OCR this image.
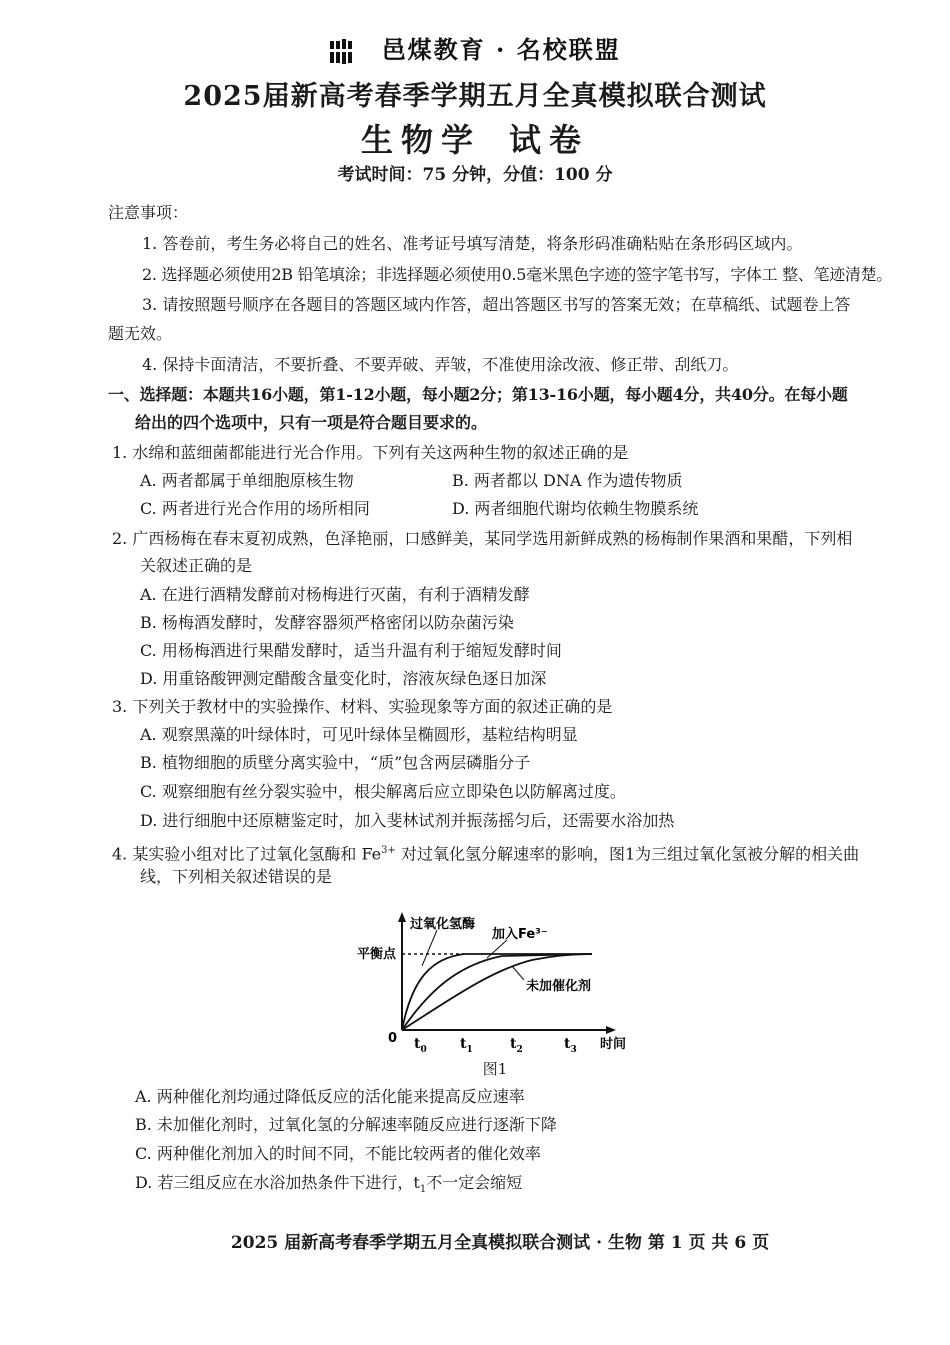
邑煤教育 · 名校联盟
2025届新高考春季学期五月全真模拟联合测试
生物学 试卷
考试时间：75 分钟，分值：100 分
注意事项：
1. 答卷前，考生务必将自己的姓名、准考证号填写清楚，将条形码准确粘贴在条形码区域内。
2. 选择题必须使用2B 铅笔填涂；非选择题必须使用0.5毫米黑色字迹的签字笔书写，字体工 整、笔迹清楚。
3. 请按照题号顺序在各题目的答题区域内作答，超出答题区书写的答案无效；在草稿纸、试题卷上答
题无效。
4. 保持卡面清洁，不要折叠、不要弄破、弄皱，不准使用涂改液、修正带、刮纸刀。
一、选择题：本题共16小题，第1-12小题，每小题2分；第13-16小题，每小题4分，共40分。在每小题
给出的四个选项中，只有一项是符合题目要求的。
1. 水绵和蓝细菌都能进行光合作用。下列有关这两种生物的叙述正确的是
A. 两者都属于单细胞原核生物	B. 两者都以 DNA 作为遗传物质
C. 两者进行光合作用的场所相同	D. 两者细胞代谢均依赖生物膜系统
2. 广西杨梅在春末夏初成熟，色泽艳丽，口感鲜美，某同学选用新鲜成熟的杨梅制作果酒和果醋，下列相
关叙述正确的是
A. 在进行酒精发酵前对杨梅进行灭菌，有利于酒精发酵
B. 杨梅酒发酵时，发酵容器须严格密闭以防杂菌污染
C. 用杨梅酒进行果醋发酵时，适当升温有利于缩短发酵时间
D. 用重铬酸钾测定醋酸含量变化时，溶液灰绿色逐日加深
3. 下列关于教材中的实验操作、材料、实验现象等方面的叙述正确的是
A. 观察黑藻的叶绿体时，可见叶绿体呈椭圆形，基粒结构明显
B. 植物细胞的质壁分离实验中，“质”包含两层磷脂分子
C. 观察细胞有丝分裂实验中，根尖解离后应立即染色以防解离过度。
D. 进行细胞中还原糖鉴定时，加入斐林试剂并振荡摇匀后，还需要水浴加热
4. 某实验小组对比了过氧化氢酶和 $Fe^{3+}$ 对过氧化氢分解速率的影响，图1为三组过氧化氢被分解的相关曲
线，下列相关叙述错误的是
过氧化氢酶
加入Fe³⁻
未加催化剂
平衡点
0 $t_0$ $t_1$	$t_2$	$t_3$ 时间
图1
A. 两种催化剂均通过降低反应的活化能来提高反应速率
B. 未加催化剂时，过氧化氢的分解速率随反应进行逐渐下降
C. 两种催化剂加入的时间不同，不能比较两者的催化效率
D. 若三组反应在水浴加热条件下进行，$t_1$不一定会缩短
2025 届新高考春季学期五月全真模拟联合测试 · 生物 第 1 页 共 6 页
